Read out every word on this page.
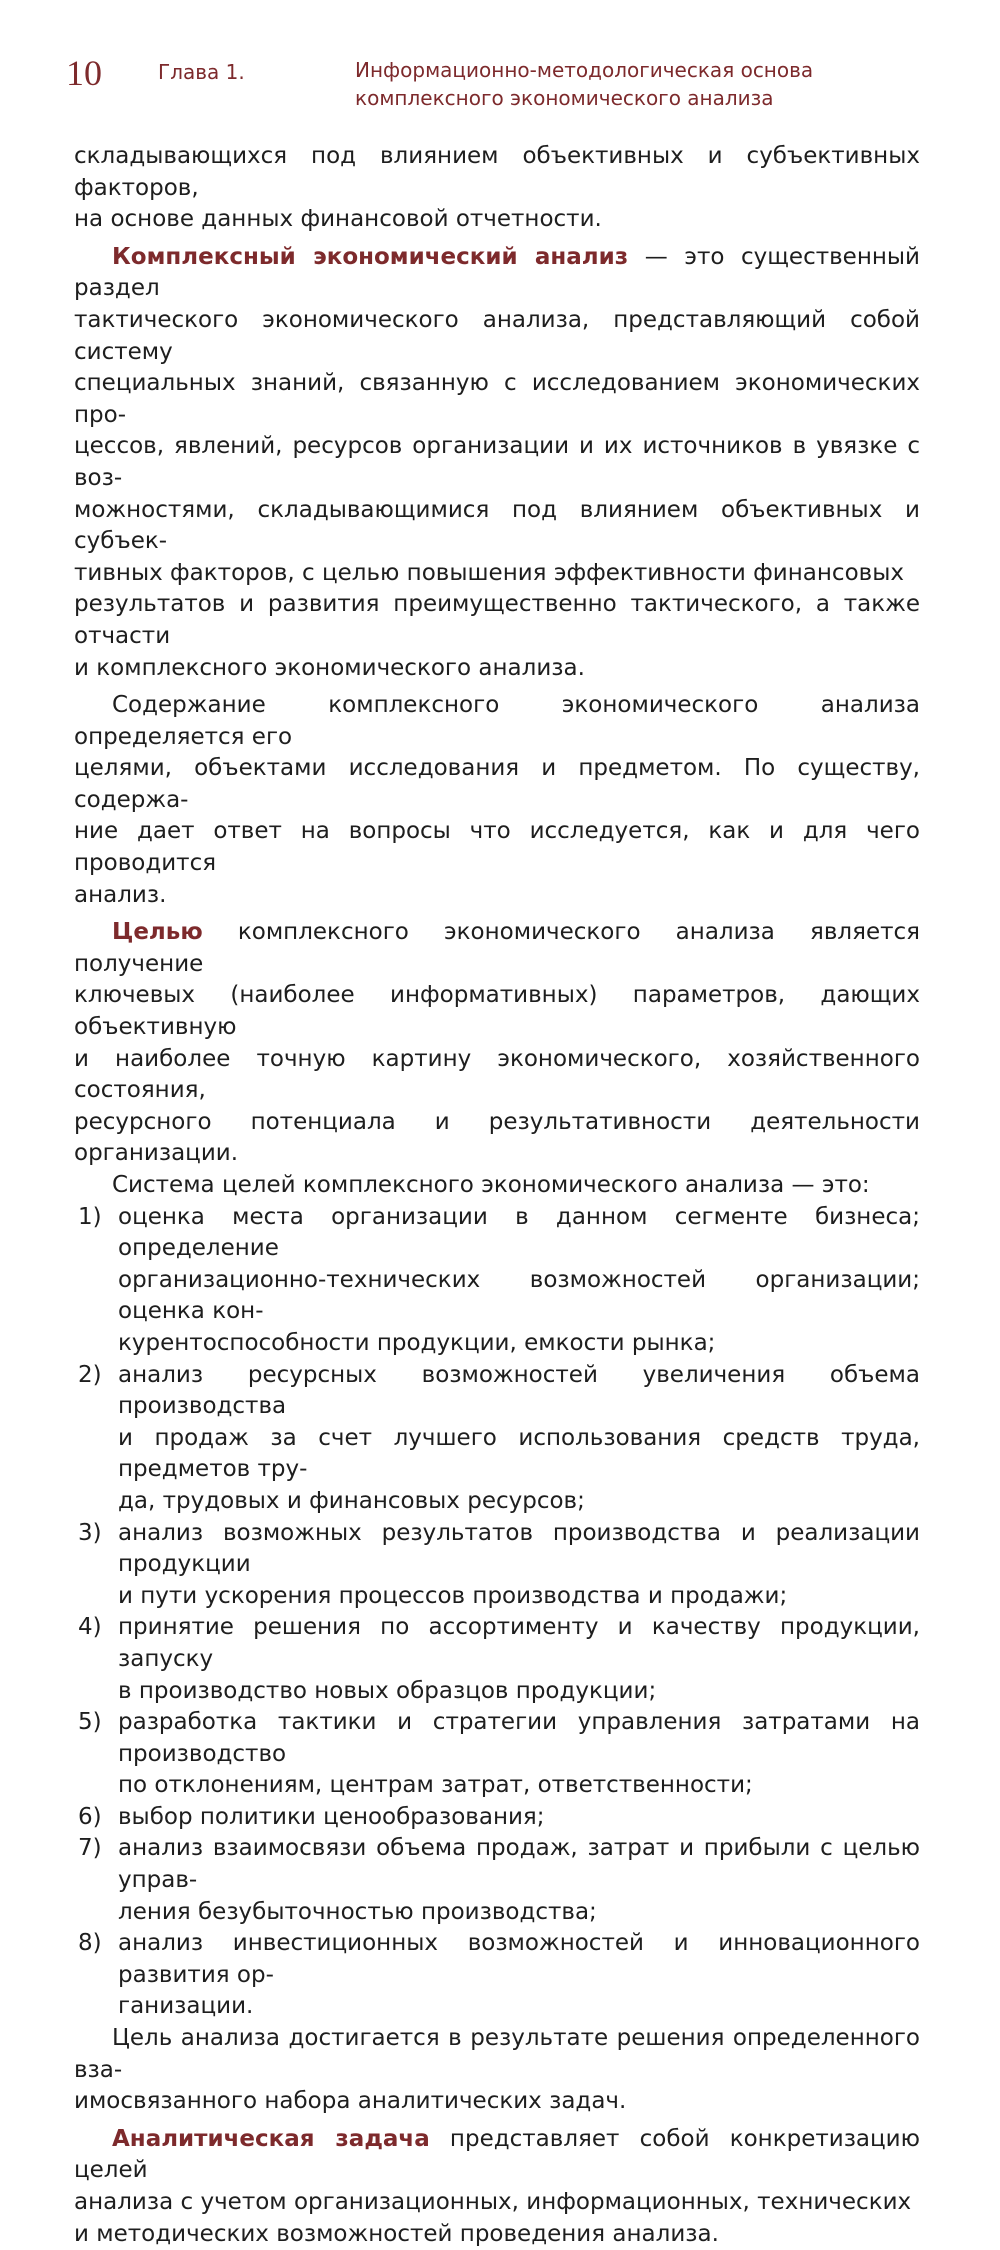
10	Глава 1.	Информационно-методологическая основа
комплексного экономического анализа

складывающихся под влиянием объективных и субъективных факторов,
на основе данных финансовой отчетности.

Комплексный экономический анализ — это существенный раздел
тактического экономического анализа, представляющий собой систему
специальных знаний, связанную с исследованием экономических про-
цессов, явлений, ресурсов организации и их источников в увязке с воз-
можностями, складывающимися под влиянием объективных и субъек-
тивных факторов, с целью повышения эффективности финансовых
результатов и развития преимущественно тактического, а также отчасти
и комплексного экономического анализа.

Содержание комплексного экономического анализа определяется его
целями, объектами исследования и предметом. По существу, содержа-
ние дает ответ на вопросы что исследуется, как и для чего проводится
анализ.

Целью комплексного экономического анализа является получение
ключевых (наиболее информативных) параметров, дающих объективную
и наиболее точную картину экономического, хозяйственного состояния,
ресурсного потенциала и результативности деятельности организации.

Система целей комплексного экономического анализа — это:

1) оценка места организации в данном сегменте бизнеса; определение
организационно-технических возможностей организации; оценка кон-
курентоспособности продукции, емкости рынка;
2) анализ ресурсных возможностей увеличения объема производства
и продаж за счет лучшего использования средств труда, предметов тру-
да, трудовых и финансовых ресурсов;
3) анализ возможных результатов производства и реализации продукции
и пути ускорения процессов производства и продажи;
4) принятие решения по ассортименту и качеству продукции, запуску
в производство новых образцов продукции;
5) разработка тактики и стратегии управления затратами на производство
по отклонениям, центрам затрат, ответственности;
6) выбор политики ценообразования;
7) анализ взаимосвязи объема продаж, затрат и прибыли с целью управ-
ления безубыточностью производства;
8) анализ инвестиционных возможностей и инновационного развития ор-
ганизации.

Цель анализа достигается в результате решения определенного вза-
имосвязанного набора аналитических задач.

Аналитическая задача представляет собой конкретизацию целей
анализа с учетом организационных, информационных, технических
и методических возможностей проведения анализа.
